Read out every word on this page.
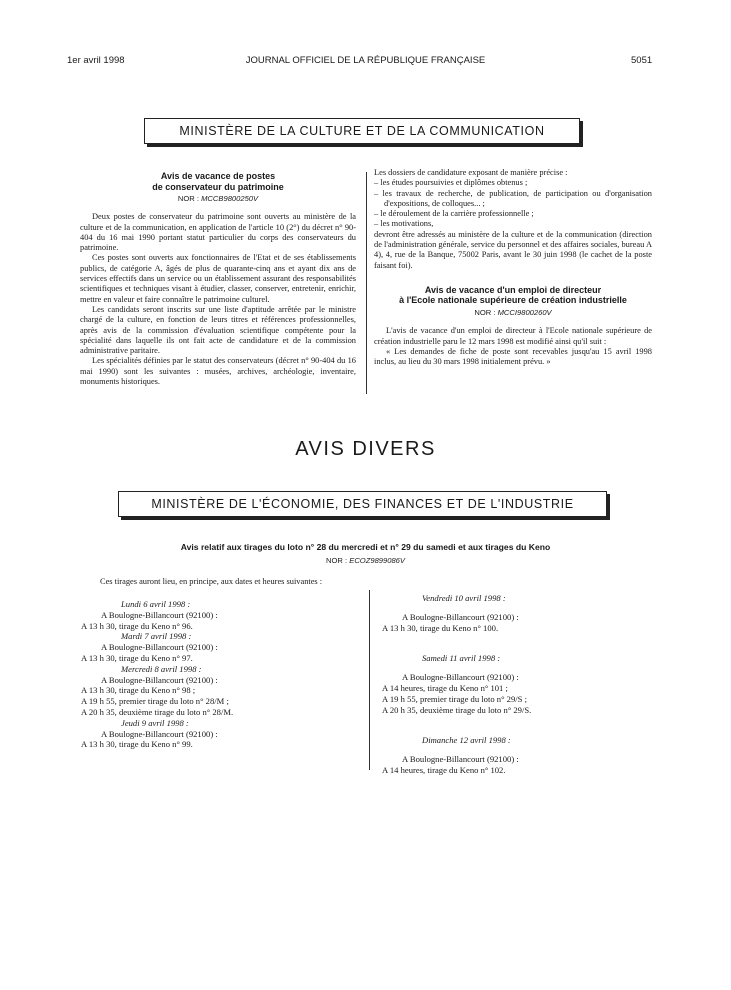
1er avril 1998	JOURNAL OFFICIEL DE LA RÉPUBLIQUE FRANÇAISE	5051
MINISTÈRE DE LA CULTURE ET DE LA COMMUNICATION
Avis de vacance de postes
de conservateur du patrimoine
NOR : MCCB9800250V

Deux postes de conservateur du patrimoine sont ouverts au ministère de la culture et de la communication, en application de l'article 10 (2°) du décret n° 90-404 du 16 mai 1990 portant statut particulier du corps des conservateurs du patrimoine.

Ces postes sont ouverts aux fonctionnaires de l'Etat et de ses établissements publics, de catégorie A, âgés de plus de quarante-cinq ans et ayant dix ans de services effectifs dans un service ou un établissement assurant des responsabilités scientifiques et techniques visant à étudier, classer, conserver, entretenir, enrichir, mettre en valeur et faire connaître le patrimoine culturel.

Les candidats seront inscrits sur une liste d'aptitude arrêtée par le ministre chargé de la culture, en fonction de leurs titres et références professionnelles, après avis de la commission d'évaluation scientifique compétente pour la spécialité dans laquelle ils ont fait acte de candidature et de la commission administrative paritaire.

Les spécialités définies par le statut des conservateurs (décret n° 90-404 du 16 mai 1990) sont les suivantes : musées, archives, archéologie, inventaire, monuments historiques.

Les dossiers de candidature exposant de manière précise :

– les études poursuivies et diplômes obtenus ;

– les travaux de recherche, de publication, de participation ou d'organisation d'expositions, de colloques... ;

– le déroulement de la carrière professionnelle ;

– les motivations,

devront être adressés au ministère de la culture et de la communication (direction de l'administration générale, service du personnel et des affaires sociales, bureau A 4), 4, rue de la Banque, 75002 Paris, avant le 30 juin 1998 (le cachet de la poste faisant foi).

Avis de vacance d'un emploi de directeur
à l'Ecole nationale supérieure de création industrielle
NOR : MCCI9800260V

L'avis de vacance d'un emploi de directeur à l'Ecole nationale supérieure de création industrielle paru le 12 mars 1998 est modifié ainsi qu'il suit :

« Les demandes de fiche de poste sont recevables jusqu'au 15 avril 1998 inclus, au lieu du 30 mars 1998 initialement prévu. »

AVIS DIVERS
MINISTÈRE DE L'ÉCONOMIE, DES FINANCES ET DE L'INDUSTRIE
Avis relatif aux tirages du loto n° 28 du mercredi et n° 29 du samedi et aux tirages du Keno
NOR : ECOZ9899086V
Ces tirages auront lieu, en principe, aux dates et heures suivantes :
Lundi 6 avril 1998 :
A Boulogne-Billancourt (92100) :
A 13 h 30, tirage du Keno n° 96.
Mardi 7 avril 1998 :
A Boulogne-Billancourt (92100) :
A 13 h 30, tirage du Keno n° 97.
Mercredi 8 avril 1998 :
A Boulogne-Billancourt (92100) :
A 13 h 30, tirage du Keno n° 98 ;
A 19 h 55, premier tirage du loto n° 28/M ;
A 20 h 35, deuxième tirage du loto n° 28/M.
Jeudi 9 avril 1998 :
A Boulogne-Billancourt (92100) :
A 13 h 30, tirage du Keno n° 99.
Vendredi 10 avril 1998 :
A Boulogne-Billancourt (92100) :
A 13 h 30, tirage du Keno n° 100.
Samedi 11 avril 1998 :
A Boulogne-Billancourt (92100) :
A 14 heures, tirage du Keno n° 101 ;
A 19 h 55, premier tirage du loto n° 29/S ;
A 20 h 35, deuxième tirage du loto n° 29/S.
Dimanche 12 avril 1998 :
A Boulogne-Billancourt (92100) :
A 14 heures, tirage du Keno n° 102.
